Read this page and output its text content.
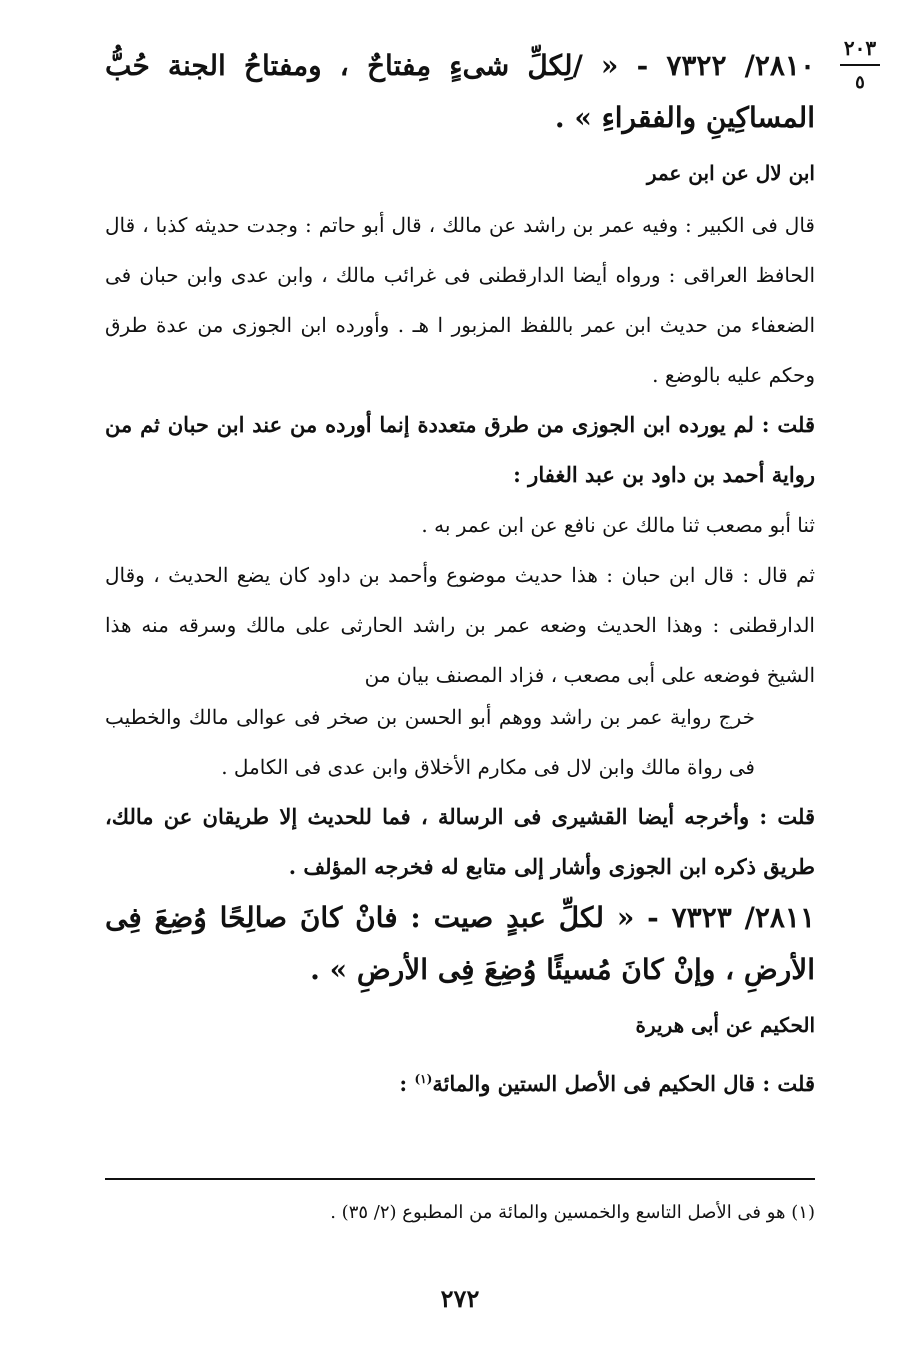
٢٠٣
٥

٢٨١٠/ ٧٣٢٢ - « /لِكلِّ شىءٍ مِفتاحٌ ، ومفتاحُ الجنة حُبُّ المساكِينِ والفقراءِ » .

ابن لال عن ابن عمر

قال فى الكبير : وفيه عمر بن راشد عن مالك ، قال أبو حاتم : وجدت حديثه كذبا ، قال الحافظ العراقى : ورواه أيضا الدارقطنى فى غرائب مالك ، وابن عدى وابن حبان فى الضعفاء من حديث ابن عمر باللفظ المزبور ا هـ . وأورده ابن الجوزى من عدة طرق وحكم عليه بالوضع .

قلت : لم يورده ابن الجوزى من طرق متعددة إنما أورده من عند ابن حبان ثم من رواية أحمد بن داود بن عبد الغفار :

ثنا أبو مصعب ثنا مالك عن نافع عن ابن عمر به .

ثم قال : قال ابن حبان : هذا حديث موضوع وأحمد بن داود كان يضع الحديث ، وقال الدارقطنى : وهذا الحديث وضعه عمر بن راشد الحارثى على مالك وسرقه منه هذا الشيخ فوضعه على أبى مصعب ، فزاد المصنف بيان من

خرج رواية عمر بن راشد ووهم أبو الحسن بن صخر فى عوالى مالك والخطيب فى رواة مالك وابن لال فى مكارم الأخلاق وابن عدى فى الكامل .

قلت : وأخرجه أيضا القشيرى فى الرسالة ، فما للحديث إلا طريقان عن مالك، طريق ذكره ابن الجوزى وأشار إلى متابع له فخرجه المؤلف .

٢٨١١/ ٧٣٢٣ - « لكلِّ عبدٍ صيت : فانْ كانَ صالِحًا وُضِعَ فِى الأرضِ ، وإنْ كانَ مُسيئًا وُضِعَ فِى الأرضِ » .

الحكيم عن أبى هريرة

قلت : قال الحكيم فى الأصل الستين والمائة$^{(١)}$ :

(١) هو فى الأصل التاسع والخمسين والمائة من المطبوع (٢/ ٣٥) .
٢٧٢
